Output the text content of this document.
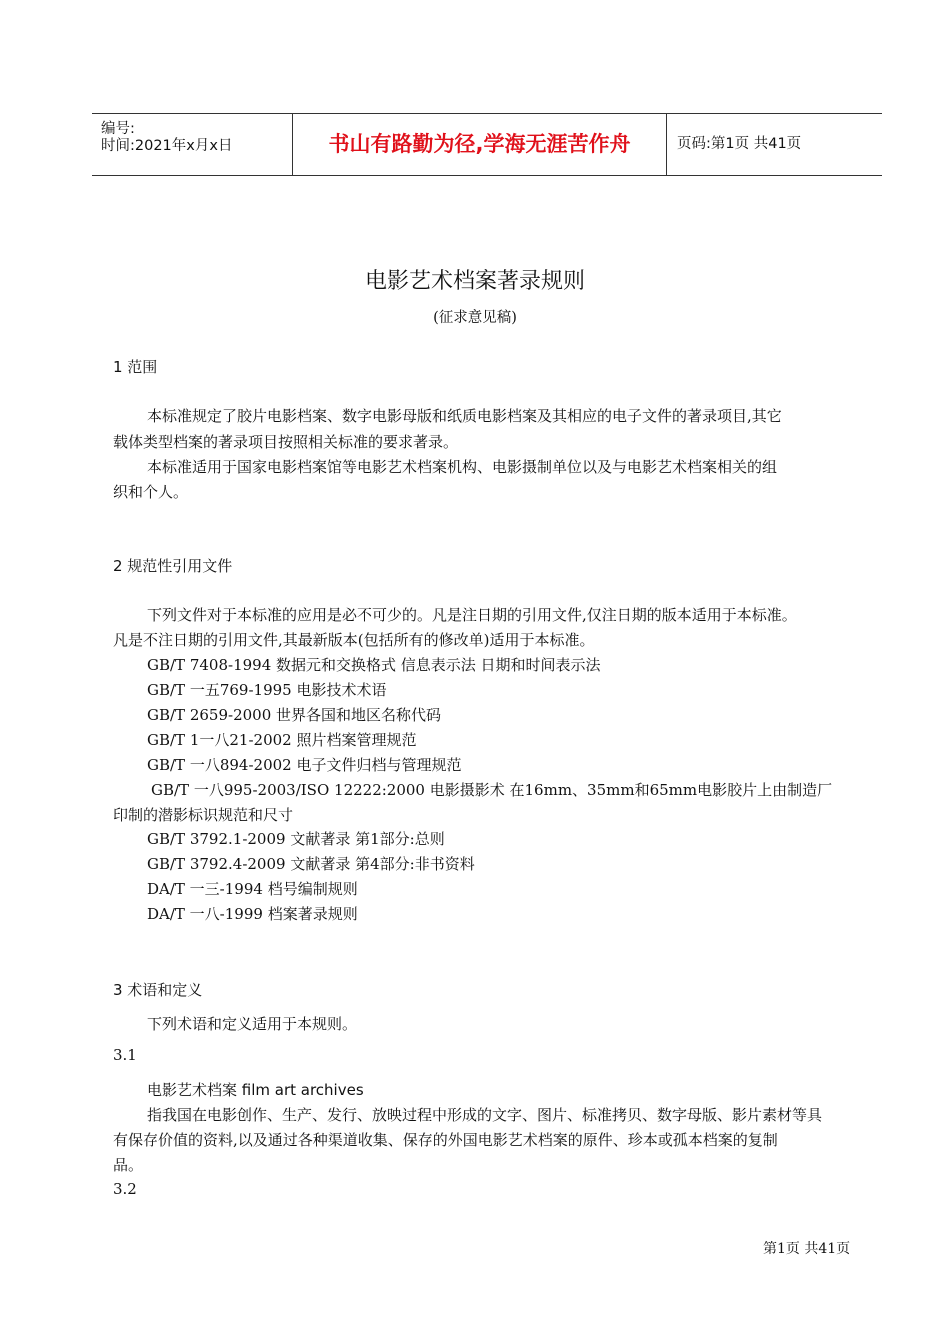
编号:
时间:2021年x月x日	书山有路勤为径,学海无涯苦作舟	页码:第1页 共41页
电影艺术档案著录规则
(征求意见稿)
1 范围
本标准规定了胶片电影档案、数字电影母版和纸质电影档案及其相应的电子文件的著录项目,其它
载体类型档案的著录项目按照相关标准的要求著录。
本标准适用于国家电影档案馆等电影艺术档案机构、电影摄制单位以及与电影艺术档案相关的组
织和个人。
2 规范性引用文件
下列文件对于本标准的应用是必不可少的。凡是注日期的引用文件,仅注日期的版本适用于本标准。
凡是不注日期的引用文件,其最新版本(包括所有的修改单)适用于本标准。
GB/T 7408-1994 数据元和交换格式 信息表示法 日期和时间表示法
GB/T 一五769-1995 电影技术术语
GB/T 2659-2000 世界各国和地区名称代码
GB/T 1一八21-2002 照片档案管理规范
GB/T 一八894-2002 电子文件归档与管理规范
GB/T 一八995-2003/ISO 12222:2000 电影摄影术 在16mm、35mm和65mm电影胶片上由制造厂
印制的潜影标识规范和尺寸
GB/T 3792.1-2009 文献著录 第1部分:总则
GB/T 3792.4-2009 文献著录 第4部分:非书资料
DA/T 一三-1994 档号编制规则
DA/T 一八-1999 档案著录规则
3 术语和定义
下列术语和定义适用于本规则。
3.1
电影艺术档案 film art archives
指我国在电影创作、生产、发行、放映过程中形成的文字、图片、标准拷贝、数字母版、影片素材等具
有保存价值的资料,以及通过各种渠道收集、保存的外国电影艺术档案的原件、珍本或孤本档案的复制
品。
3.2
第1页 共41页
